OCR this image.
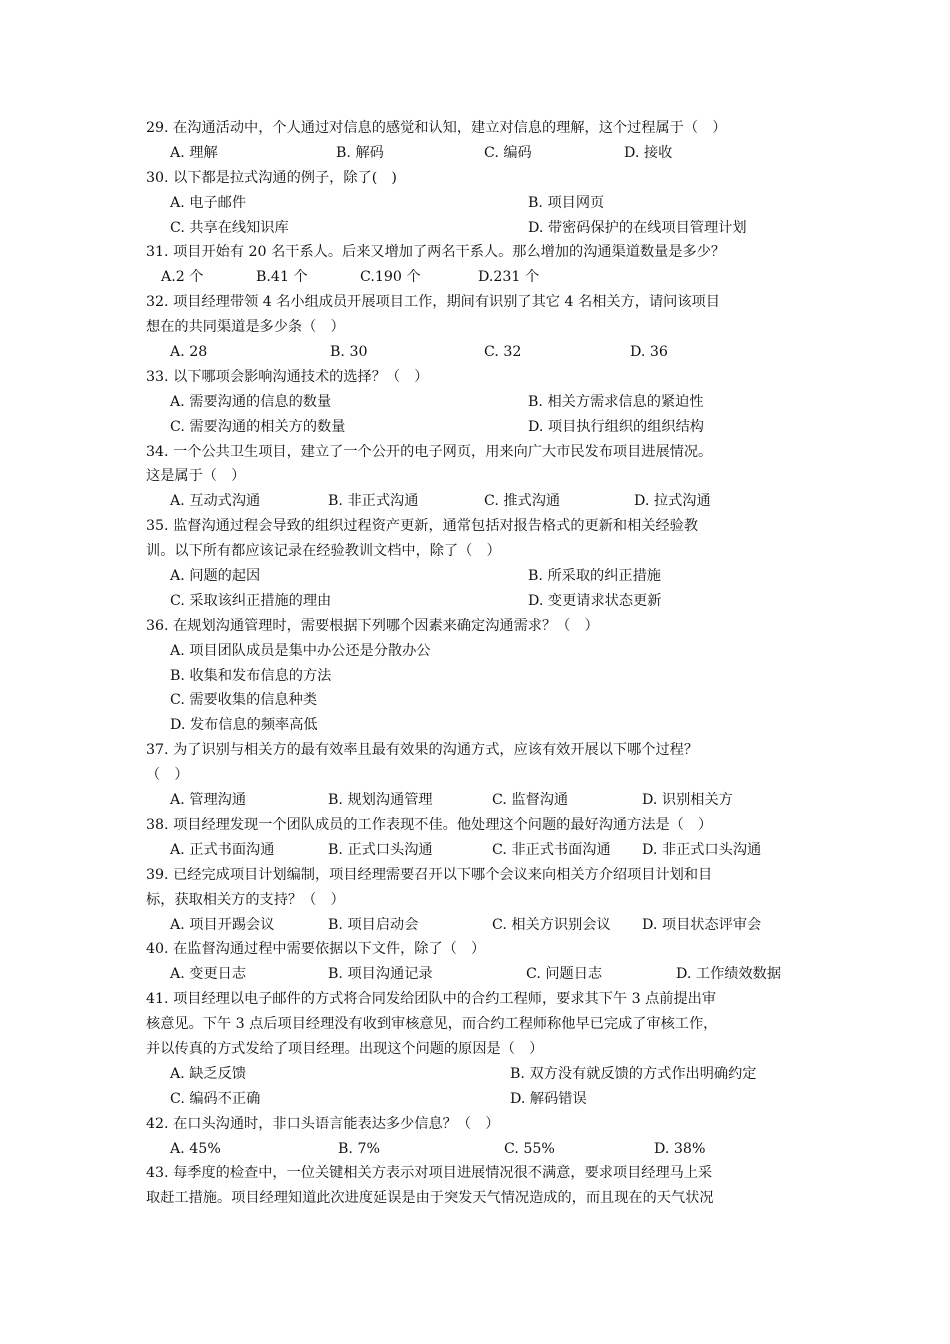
29. 在沟通活动中，个人通过对信息的感觉和认知，建立对信息的理解，这个过程属于（　）
A. 理解	B. 解码	C. 编码	D. 接收
30. 以下都是拉式沟通的例子，除了(　)
A. 电子邮件	B. 项目网页
C. 共享在线知识库	D. 带密码保护的在线项目管理计划
31. 项目开始有 20 名干系人。后来又增加了两名干系人。那么增加的沟通渠道数量是多少？
A.2 个	B.41 个	C.190 个	D.231 个
32. 项目经理带领 4 名小组成员开展项目工作，期间有识别了其它 4 名相关方，请问该项目
想在的共同渠道是多少条（　）
A. 28	B. 30	C. 32	D. 36
33. 以下哪项会影响沟通技术的选择？（　）
A. 需要沟通的信息的数量	B. 相关方需求信息的紧迫性
C. 需要沟通的相关方的数量	D. 项目执行组织的组织结构
34. 一个公共卫生项目，建立了一个公开的电子网页，用来向广大市民发布项目进展情况。
这是属于（　）
A. 互动式沟通	B. 非正式沟通	C. 推式沟通	D. 拉式沟通
35. 监督沟通过程会导致的组织过程资产更新，通常包括对报告格式的更新和相关经验教
训。以下所有都应该记录在经验教训文档中，除了（　）
A. 问题的起因	B. 所采取的纠正措施
C. 采取该纠正措施的理由	D. 变更请求状态更新
36. 在规划沟通管理时，需要根据下列哪个因素来确定沟通需求？（　）
A. 项目团队成员是集中办公还是分散办公
B. 收集和发布信息的方法
C. 需要收集的信息种类
D. 发布信息的频率高低
37. 为了识别与相关方的最有效率且最有效果的沟通方式，应该有效开展以下哪个过程？
（　）
A. 管理沟通	B. 规划沟通管理	C. 监督沟通	D. 识别相关方
38. 项目经理发现一个团队成员的工作表现不佳。他处理这个问题的最好沟通方法是（　）
A. 正式书面沟通	B. 正式口头沟通	C. 非正式书面沟通 D. 非正式口头沟通
39. 已经完成项目计划编制，项目经理需要召开以下哪个会议来向相关方介绍项目计划和目
标，获取相关方的支持？（　）
A. 项目开踢会议	B. 项目启动会	C. 相关方识别会议 D. 项目状态评审会
40. 在监督沟通过程中需要依据以下文件，除了（　）
A. 变更日志	B. 项目沟通记录	C. 问题日志	D. 工作绩效数据
41. 项目经理以电子邮件的方式将合同发给团队中的合约工程师，要求其下午 3 点前提出审
核意见。下午 3 点后项目经理没有收到审核意见，而合约工程师称他早已完成了审核工作，
并以传真的方式发给了项目经理。出现这个问题的原因是（　）
A. 缺乏反馈	B. 双方没有就反馈的方式作出明确约定
C. 编码不正确	D. 解码错误
42. 在口头沟通时，非口头语言能表达多少信息？（　）
A. 45%	B. 7%	C. 55%	D. 38%
43. 每季度的检查中，一位关键相关方表示对项目进展情况很不满意，要求项目经理马上采
取赶工措施。项目经理知道此次进度延误是由于突发天气情况造成的，而且现在的天气状况
